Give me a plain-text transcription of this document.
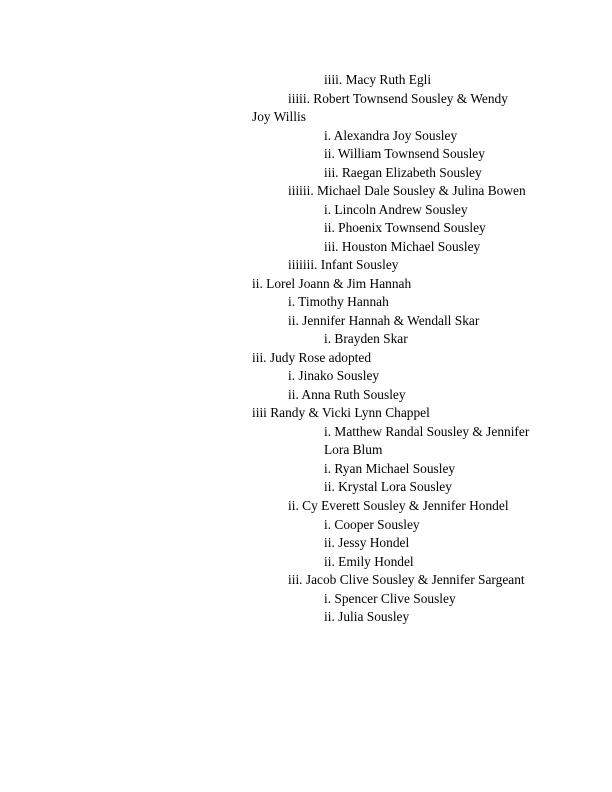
iiii. Macy Ruth Egli
iiiii. Robert Townsend Sousley & Wendy
Joy Willis
i. Alexandra Joy Sousley
ii. William Townsend Sousley
iii. Raegan Elizabeth Sousley
iiiiii. Michael Dale Sousley & Julina Bowen
i. Lincoln Andrew Sousley
ii. Phoenix Townsend Sousley
iii. Houston Michael Sousley
iiiiiii. Infant Sousley
ii. Lorel Joann & Jim Hannah
i. Timothy Hannah
ii. Jennifer Hannah & Wendall Skar
i. Brayden Skar
iii. Judy Rose adopted
i. Jinako Sousley
ii. Anna Ruth Sousley
iiii Randy & Vicki Lynn Chappel
i. Matthew Randal Sousley & Jennifer
Lora Blum
i. Ryan Michael Sousley
ii. Krystal Lora Sousley
ii. Cy Everett Sousley & Jennifer Hondel
i. Cooper Sousley
ii. Jessy Hondel
ii. Emily Hondel
iii. Jacob Clive Sousley & Jennifer Sargeant
i. Spencer Clive Sousley
ii. Julia Sousley
